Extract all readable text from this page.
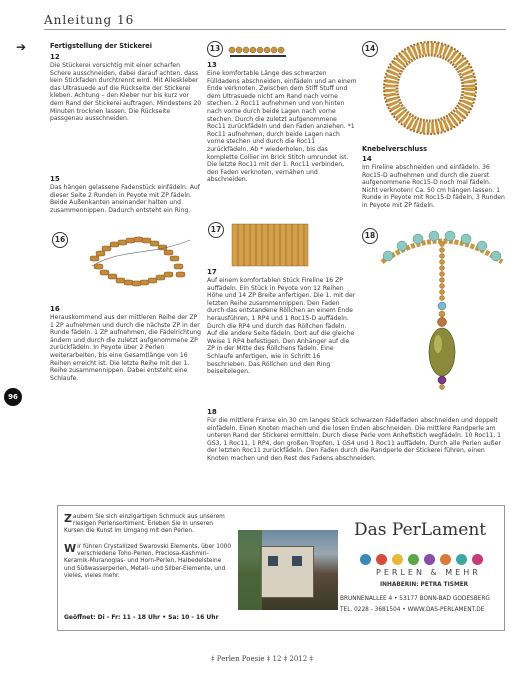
Anleitung 16
➔	Fertigstellung der Stickerei
12
Die Stückerei vorsichtig mit einer scharfen Schere ausschneiden, dabei darauf achten, dass kein Stickfaden durchtrennt wird. Mit Alleskleber das Ultrasuede auf die Rückseite der Stickerei kleben. Achtung – den Kleber nur bis kurz vor dem Rand der Stickerei auftragen. Mindestens 20 Minuten trocknen lassen. Die Rückseite passgenau ausschneiden.
15
Das hängen gelassene Fadenstück einfädeln. Auf dieser Seite 2 Runden in Peyote mit ZP fädeln. Beide Außenkanten aneinander halten und zusammennippen. Dadurch entsteht ein Ring.
16
16
Herauskommend aus der mittleren Reihe der ZP 1 ZP aufnehmen und durch die nächste ZP in der Runde fädeln. 1 ZP aufnehmen, die Fädelrichtung ändern und durch die zuletzt aufgenommene ZP zurückfädeln. In Peyote über 2 Perlen weiterarbeiten, bis eine Gesamtlänge von 16 Reihen erreicht ist. Die letzte Reihe mit der 1. Reihe zusammennippen. Dabei entsteht eine Schlaufe.
96
13
13
Eine komfortable Länge des schwarzen Fülldadens abschneiden, einfädeln und an einem Ende verknoten. Zwischen dem Stiff Stuff und dem Ultrasuede nicht am Rand nach vorne stechen. 2 Roc11 aufnehmen und von hinten nach vorne durch beide Lagen nach vorne stechen. Durch die zuletzt aufgenommene Roc11 zurückfädeln und den Faden anziehen. *1 Roc11 aufnehmen, durch beide Lagen nach vorne stechen und durch die Roc11 zurückfädeln. Ab * wiederholen, bis das komplette Collier im Brick Stitch umrundet ist. Die letzte Roc11 mit der 1. Roc11 verbinden, den Faden verknoten, vernähen und abschneiden.
17
17
Auf einem komfortablen Stück Fireline 16 ZP auffädeln. Ein Stück in Peyote von 12 Reihen Höhe und 14 ZP Breite anfertigen. Die 1. mit der letzten Reihe zusammennippen. Den Faden durch das entstandene Röllchen an einem Ende herausführen, 1 RP4 und 1 Roc15-D auffädeln. Durch die RP4 und durch das Röllchen fädeln. Auf die andere Seite fädeln. Dort auf die gleiche Weise 1 RP4 befestigen. Den Anhänger auf die ZP in der Mitte des Röllchens fädeln. Eine Schlaufe anfertigen, wie in Schritt 16 beschrieben. Das Röllchen und den Ring beiseitelegen.
14
Knebelverschluss
14
Im Fireline abschneiden und einfädeln. 36 Roc15-D aufnehmen und durch die zuerst aufgenommene Roc15-D noch mal fädeln. Nicht verknoten! Ca. 50 cm hängen lassen. 1 Runde in Peyote mit Roc15-D fädeln, 3 Runden in Peyote mit ZP fädeln.
18
18
Für die mittlere Franse ein 30 cm langes Stück schwarzen Fädelfaden abschneiden und doppelt einfädeln. Einen Knoten machen und die losen Enden abschneiden. Die mittlere Randperle am unteren Rand der Stickerei ermitteln. Durch diese Perle vom Anheftstich wegfädeln. 10 Roc11, 1 GS3, 1 Roc11, 1 RP4, den großen Tropfen, 1 GS4 und 1 Roc11 auffädeln. Durch alle Perlen außer der letzten Roc11 zurückfädeln. Den Faden durch die Randperle der Stickerei führen, einen Knoten machen und den Rest des Fadens abschneiden.
Zaubern Sie sich einzigartigen Schmuck aus unserem riesigen Perlensortiment. Erleben Sie in unseren Kursen die Kunst im Umgang mit den Perlen.
Wir führen Crystallized Swarovski Elements, über 1000 verschiedene Toho-Perlen, Preciosa-Kashmiri-Keramik-Muranoglas- und Horn-Perlen, Halbedelsteine und Süßwasserperlen, Metall- und Silber-Elemente, und vieles, vieles mehr.
Geöffnet: Di - Fr: 11 - 18 Uhr • Sa: 10 - 16 Uhr
Das PerLament
PERLEN & MEHR
INHABERIN: PETRA TISMER
BRUNNENALLEE 4 • 53177 BONN-BAD GODESBERG
TEL. 0228 - 3681504 • WWW.DAS-PERLAMENT.DE
‡ Perlen Poesie ‡ 12 ‡ 2012 ‡
